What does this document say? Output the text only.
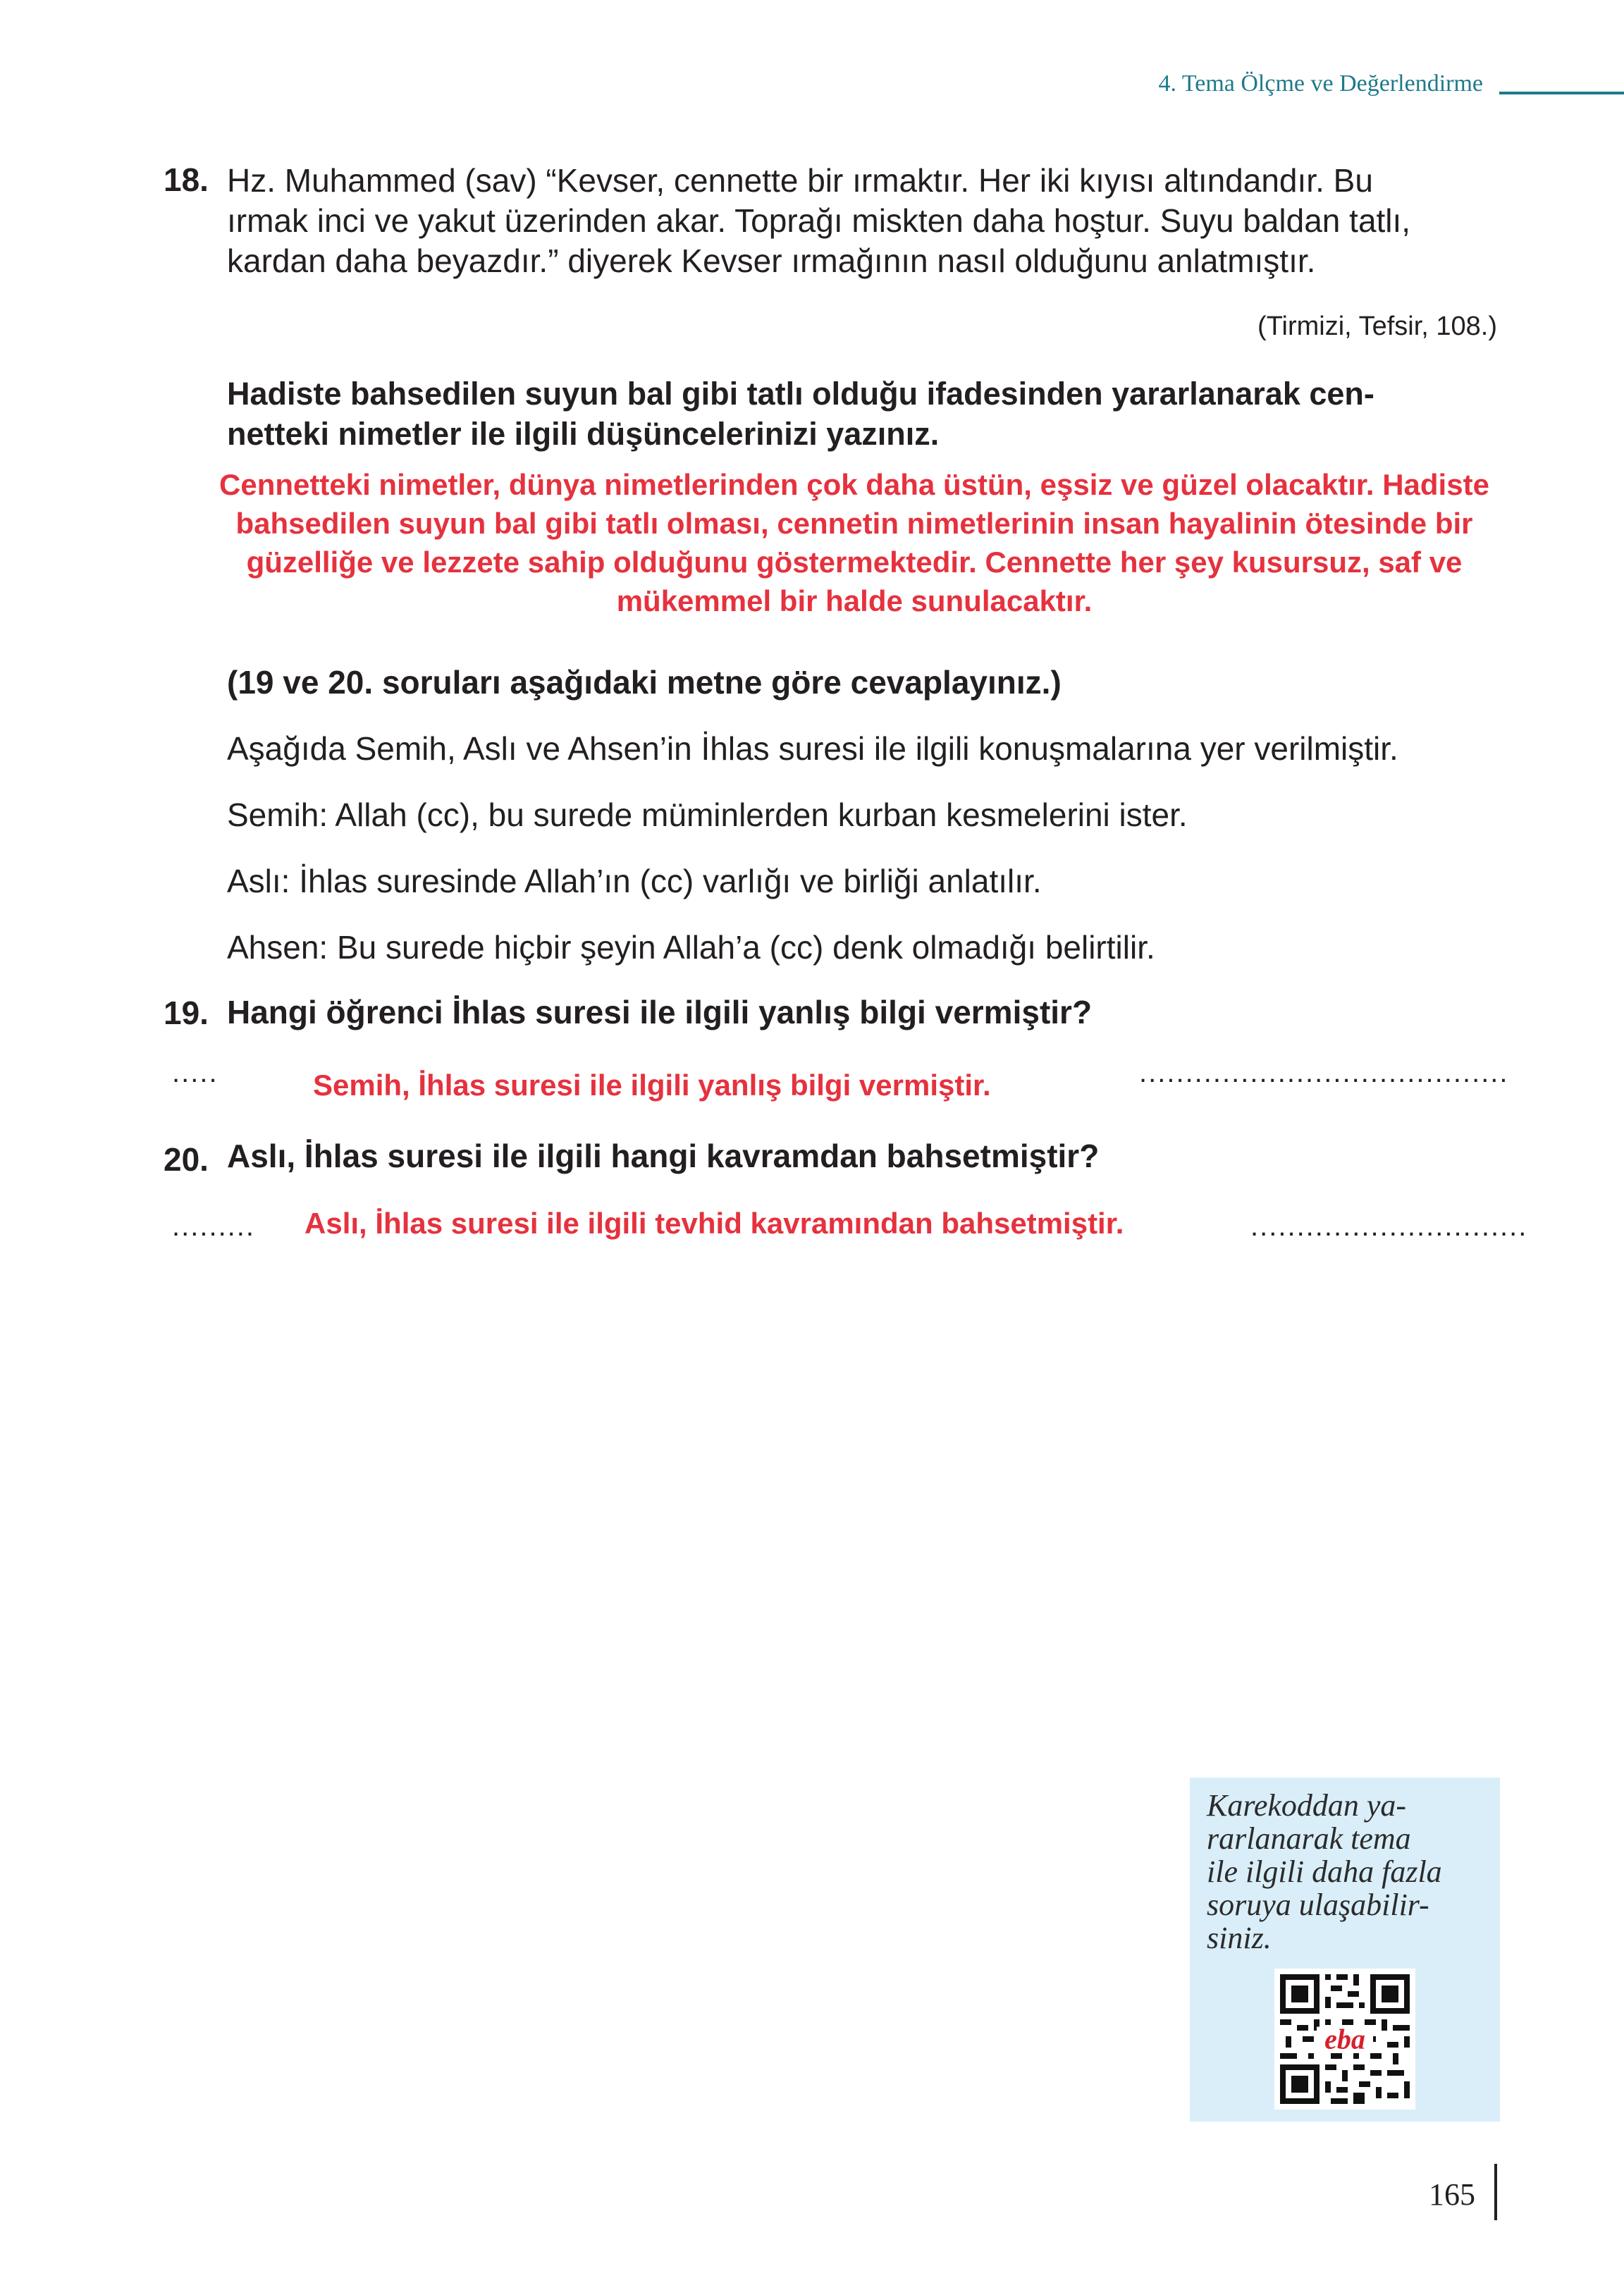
4. Tema Ölçme ve Değerlendirme
18. Hz. Muhammed (sav) “Kevser, cennette bir ırmaktır. Her iki kıyısı altındandır. Bu
ırmak inci ve yakut üzerinden akar. Toprağı miskten daha hoştur. Suyu baldan tatlı,
kardan daha beyazdır.” diyerek Kevser ırmağının nasıl olduğunu anlatmıştır.
(Tirmizi, Tefsir, 108.)
Hadiste bahsedilen suyun bal gibi tatlı olduğu ifadesinden yararlanarak cen-
netteki nimetler ile ilgili düşüncelerinizi yazınız.
Cennetteki nimetler, dünya nimetlerinden çok daha üstün, eşsiz ve güzel olacaktır. Hadiste
bahsedilen suyun bal gibi tatlı olması, cennetin nimetlerinin insan hayalinin ötesinde bir
güzelliğe ve lezzete sahip olduğunu göstermektedir. Cennette her şey kusursuz, saf ve
mükemmel bir halde sunulacaktır.
(19 ve 20. soruları aşağıdaki metne göre cevaplayınız.)
Aşağıda Semih, Aslı ve Ahsen’in İhlas suresi ile ilgili konuşmalarına yer verilmiştir.
Semih: Allah (cc), bu surede müminlerden kurban kesmelerini ister.
Aslı: İhlas suresinde Allah’ın (cc) varlığı ve birliği anlatılır.
Ahsen: Bu surede hiçbir şeyin Allah’a (cc) denk olmadığı belirtilir.
19. Hangi öğrenci İhlas suresi ile ilgili yanlış bilgi vermiştir?
.....	Semih, İhlas suresi ile ilgili yanlış bilgi vermiştir.	........................................
20. Aslı, İhlas suresi ile ilgili hangi kavramdan bahsetmiştir?
......... Aslı, İhlas suresi ile ilgili tevhid kavramından bahsetmiştir.	..............................
Karekoddan ya-
rarlanarak tema
ile ilgili daha fazla
soruya ulaşabilir-
siniz.
eba
165
